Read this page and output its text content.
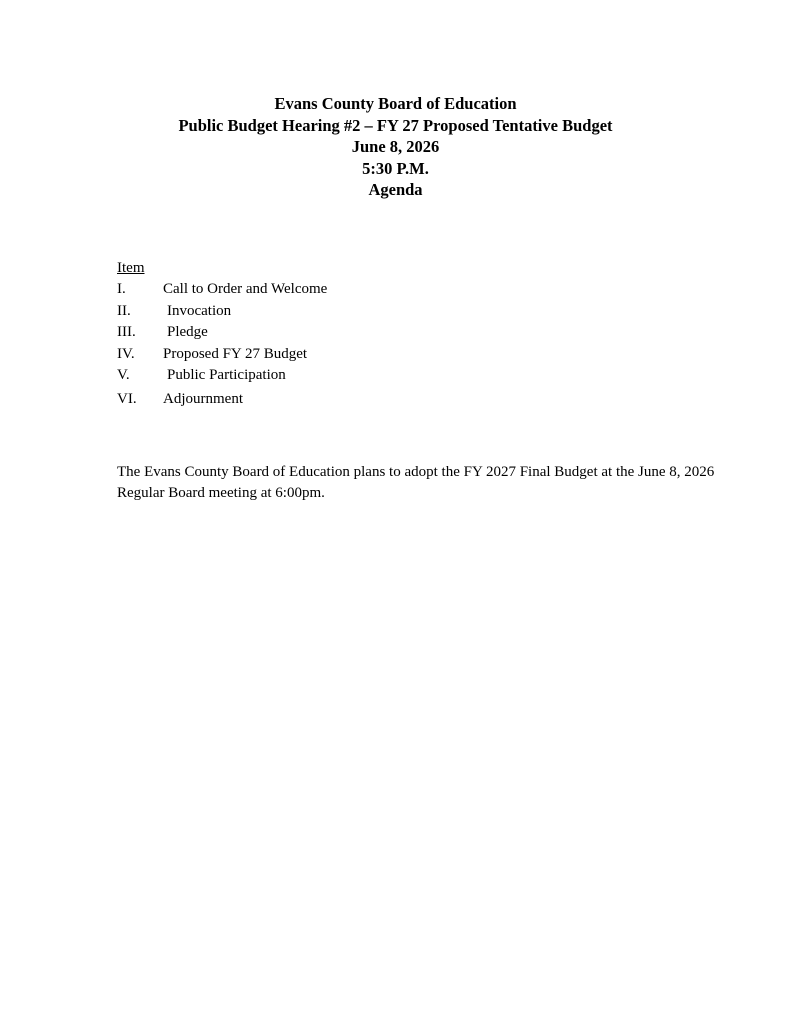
Evans County Board of Education
Public Budget Hearing #2 – FY 27 Proposed Tentative Budget
June 8, 2026
5:30 P.M.
Agenda
Item
I. Call to Order and Welcome
II. Invocation
III. Pledge
IV. Proposed FY 27 Budget
V. Public Participation
VI. Adjournment
The Evans County Board of Education plans to adopt the FY 2027 Final Budget at the June 8, 2026
Regular Board meeting at 6:00pm.
